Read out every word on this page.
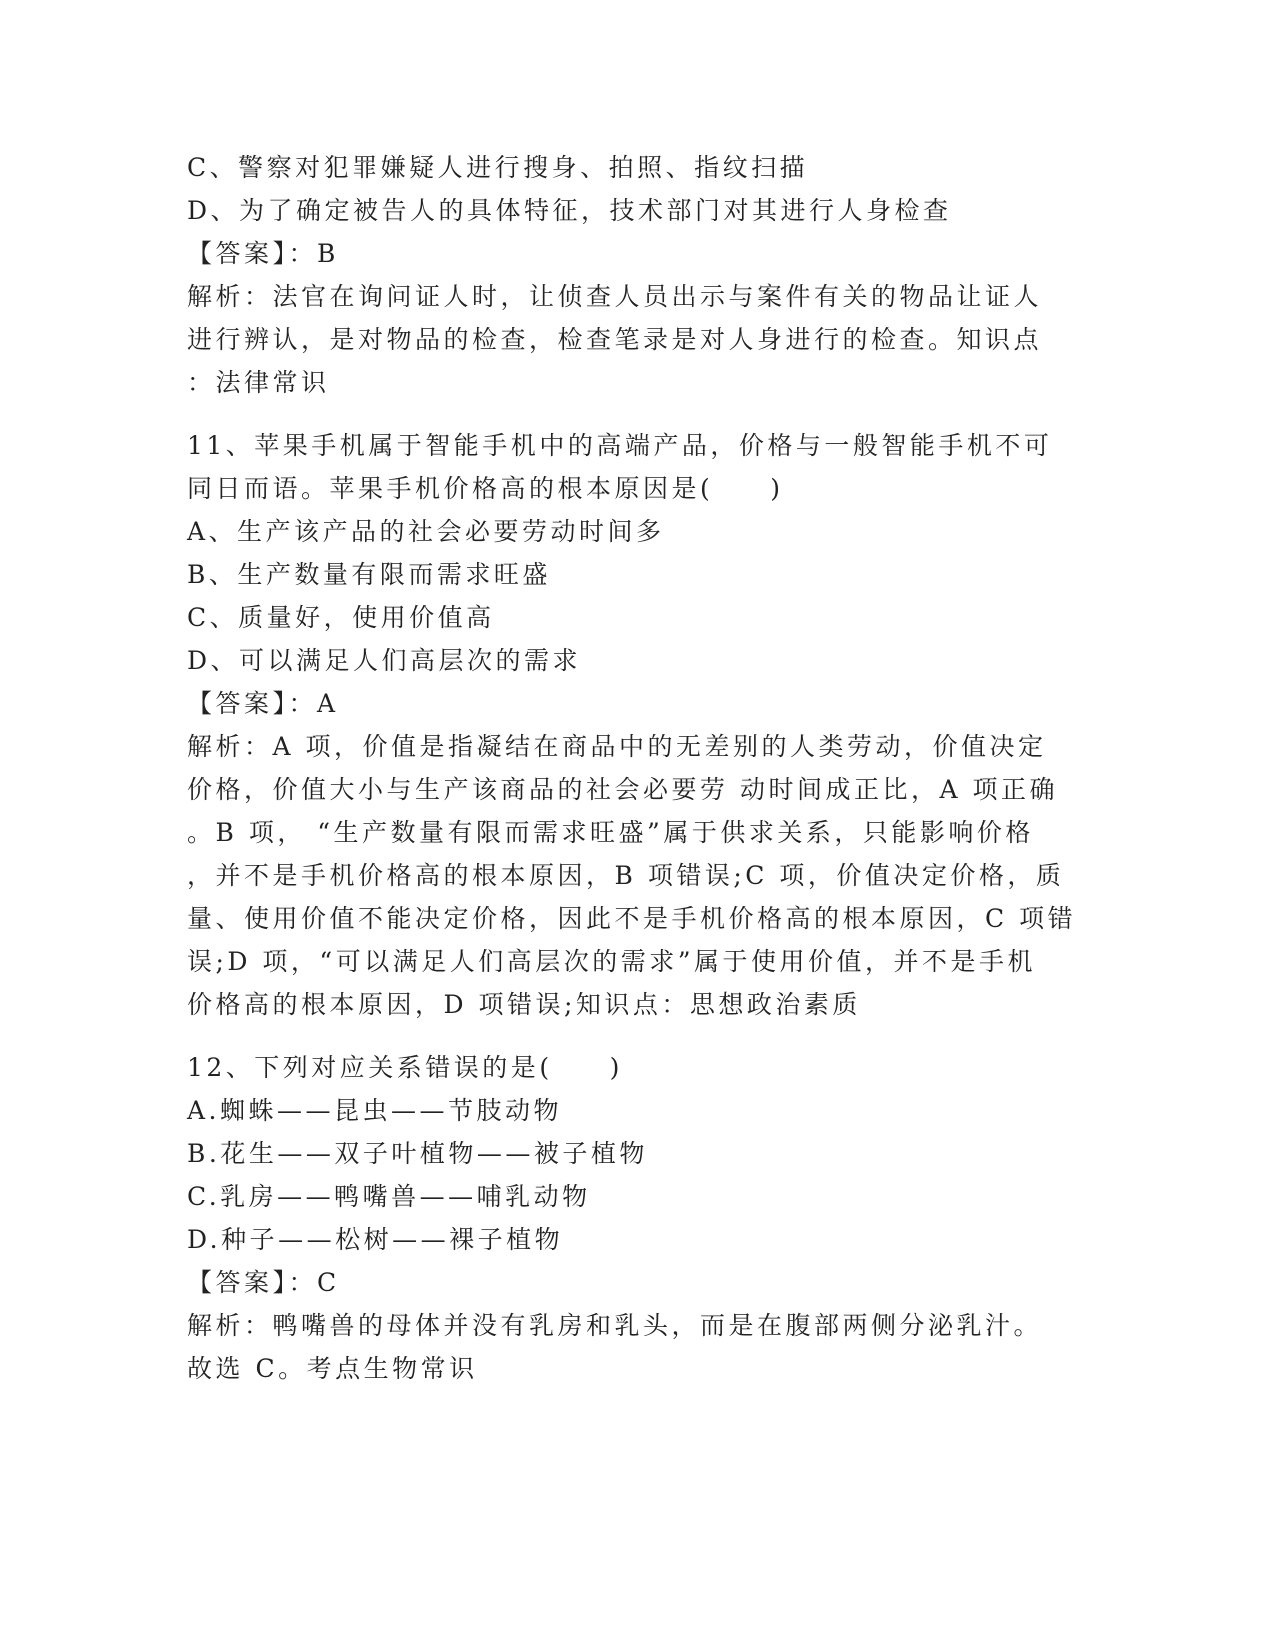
C、警察对犯罪嫌疑人进行搜身、拍照、指纹扫描
D、为了确定被告人的具体特征，技术部门对其进行人身检查
【答案】：B
解析：法官在询问证人时，让侦查人员出示与案件有关的物品让证人
进行辨认，是对物品的检查，检查笔录是对人身进行的检查。知识点
：法律常识
11、苹果手机属于智能手机中的高端产品，价格与一般智能手机不可
同日而语。苹果手机价格高的根本原因是(　　)
A、生产该产品的社会必要劳动时间多
B、生产数量有限而需求旺盛
C、质量好，使用价值高
D、可以满足人们高层次的需求
【答案】：A
解析：A 项，价值是指凝结在商品中的无差别的人类劳动，价值决定
价格，价值大小与生产该商品的社会必要劳 动时间成正比，A 项正确
。B 项， “生产数量有限而需求旺盛”属于供求关系，只能影响价格
，并不是手机价格高的根本原因，B 项错误;C 项，价值决定价格，质
量、使用价值不能决定价格，因此不是手机价格高的根本原因，C 项错
误;D 项，“可以满足人们高层次的需求”属于使用价值，并不是手机
价格高的根本原因，D 项错误;知识点：思想政治素质
12、下列对应关系错误的是(　　)
A.蜘蛛——昆虫——节肢动物
B.花生——双子叶植物——被子植物
C.乳房——鸭嘴兽——哺乳动物
D.种子——松树——裸子植物
【答案】：C
解析：鸭嘴兽的母体并没有乳房和乳头，而是在腹部两侧分泌乳汁。
故选 C。考点生物常识
